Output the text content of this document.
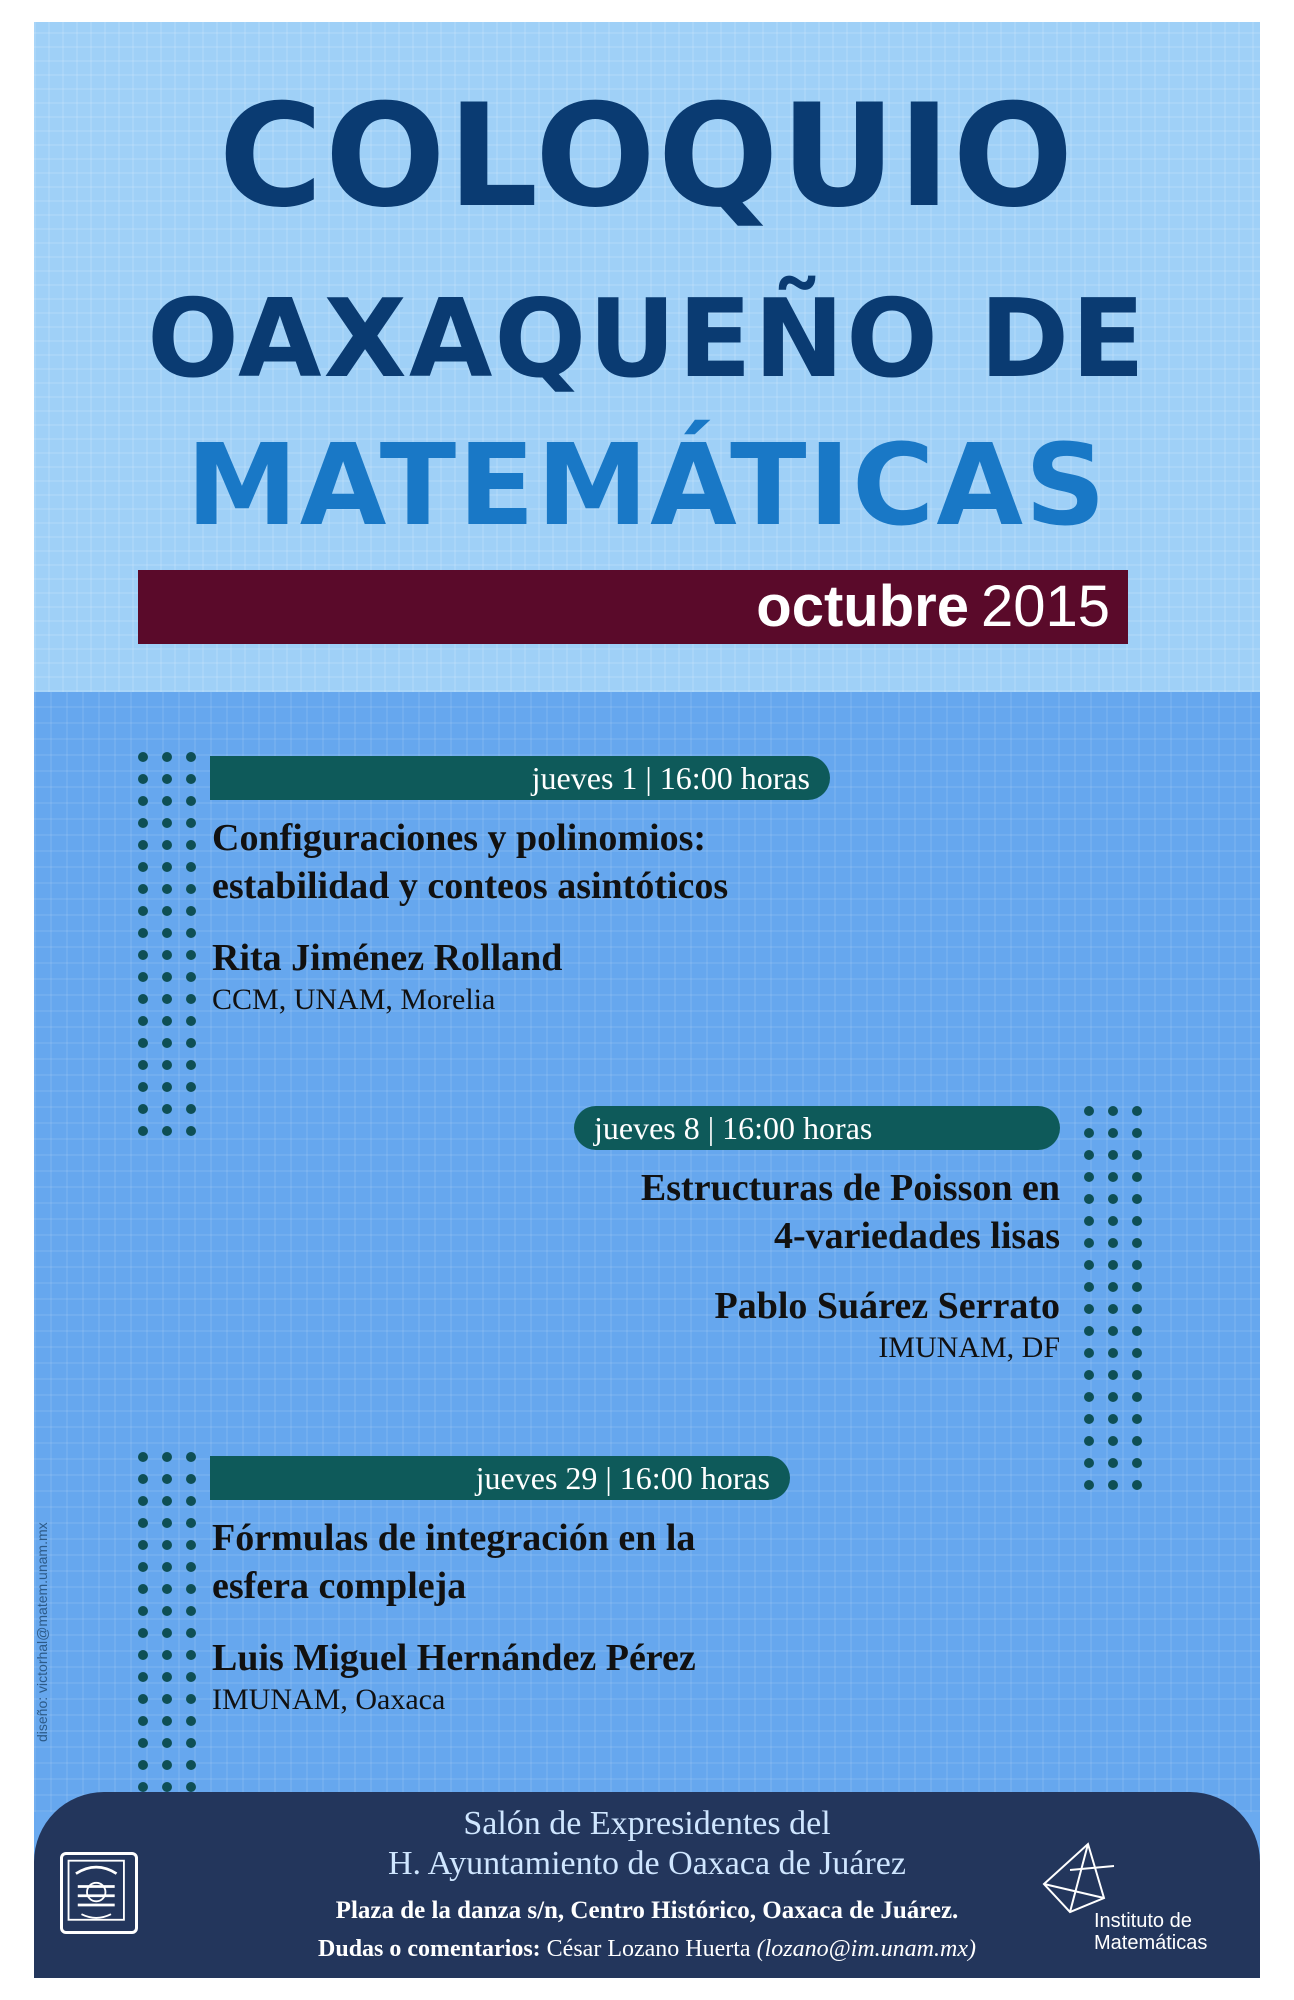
COLOQUIO
OAXAQUEÑO DE
MATEMÁTICAS
octubre 2015
jueves 1 | 16:00 horas
Configuraciones y polinomios:
estabilidad y conteos asintóticos
Rita Jiménez Rolland
CCM, UNAM, Morelia
jueves 8 | 16:00 horas
Estructuras de Poisson en
4-variedades lisas
Pablo Suárez Serrato
IMUNAM, DF
jueves 29 | 16:00 horas
Fórmulas de integración en la
esfera compleja
Luis Miguel Hernández Pérez
IMUNAM, Oaxaca
diseño: victorhal@matem.unam.mx
Salón de Expresidentes del
H. Ayuntamiento de Oaxaca de Juárez
Plaza de la danza s/n, Centro Histórico, Oaxaca de Juárez.
Dudas o comentarios: César Lozano Huerta (lozano@im.unam.mx)
Instituto de
Matemáticas
